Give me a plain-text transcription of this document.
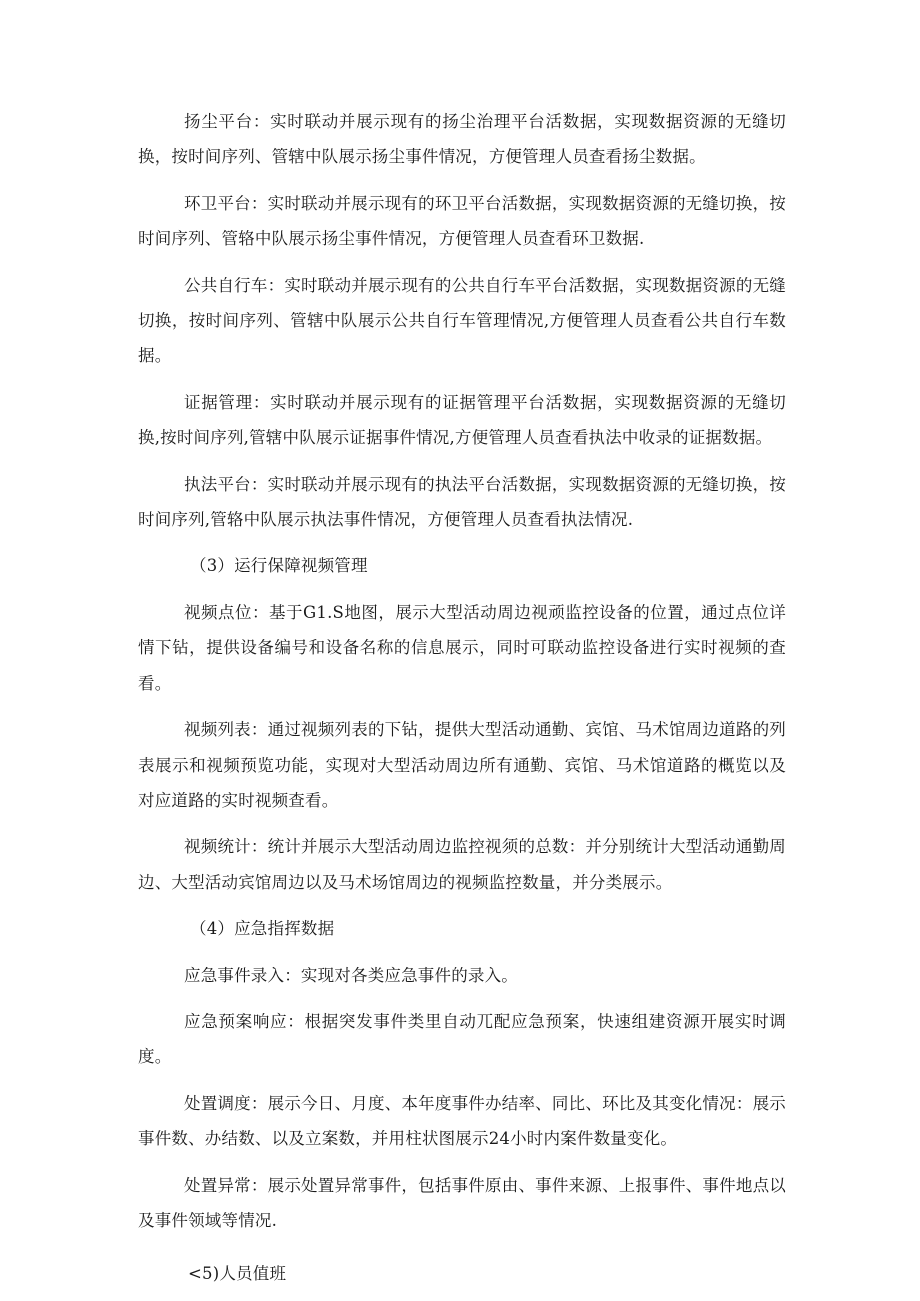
扬尘平台：实时联动并展示现有的扬尘治理平台活数据，实现数据资源的无缝切换，按时间序列、管辖中队展示扬尘事件情况，方便管理人员查看扬尘数据。

环卫平台：实时联动并展示现有的环卫平台活数据，实现数据资源的无缝切换，按时间序列、管辂中队展示扬尘事件情况，方便管理人员查看环卫数据.

公共自行车：实时联动并展示现有的公共自行车平台活数据，实现数据资源的无缝切换，按时间序列、管辖中队展示公共自行车管理情况,方便管理人员查看公共自行车数据。

证据管理：实时联动并展示现有的证据管理平台活数据，实现数据资源的无缝切换,按时间序列,管辖中队展示证据事件情况,方便管理人员查看执法中收录的证据数据。

执法平台：实时联动并展示现有的执法平台活数据，实现数据资源的无缝切换，按时间序列,管辂中队展示执法事件情况，方便管理人员查看执法情况.

（3）运行保障视频管理

视频点位：基于G1.S地图，展示大型活动周边视顽监控设备的位置，通过点位详情下钻，提供设备编号和设备名称的信息展示，同时可联动监控设备进行实时视频的查看。

视频列表：通过视频列表的下钻，提供大型活动通勤、宾馆、马术馆周边道路的列表展示和视频预览功能，实现对大型活动周边所有通勤、宾馆、马术馆道路的概览以及对应道路的实时视频查看。

视频统计：统计并展示大型活动周边监控视须的总数：并分别统计大型活动通勤周边、大型活动宾馆周边以及马术场馆周边的视频监控数量，并分类展示。

（4）应急指挥数据

应急事件录入：实现对各类应急事件的录入。

应急预案响应：根据突发事件类里自动兀配应急预案，快速组建资源开展实时调度。

处置调度：展示今日、月度、本年度事件办结率、同比、环比及其变化情况：展示事件数、办结数、以及立案数，并用柱状图展示24小时内案件数量变化。

处置异常：展示处置异常事件，包括事件原由、事件来源、上报事件、事件地点以及事件领域等情况.

<5)人员值班
